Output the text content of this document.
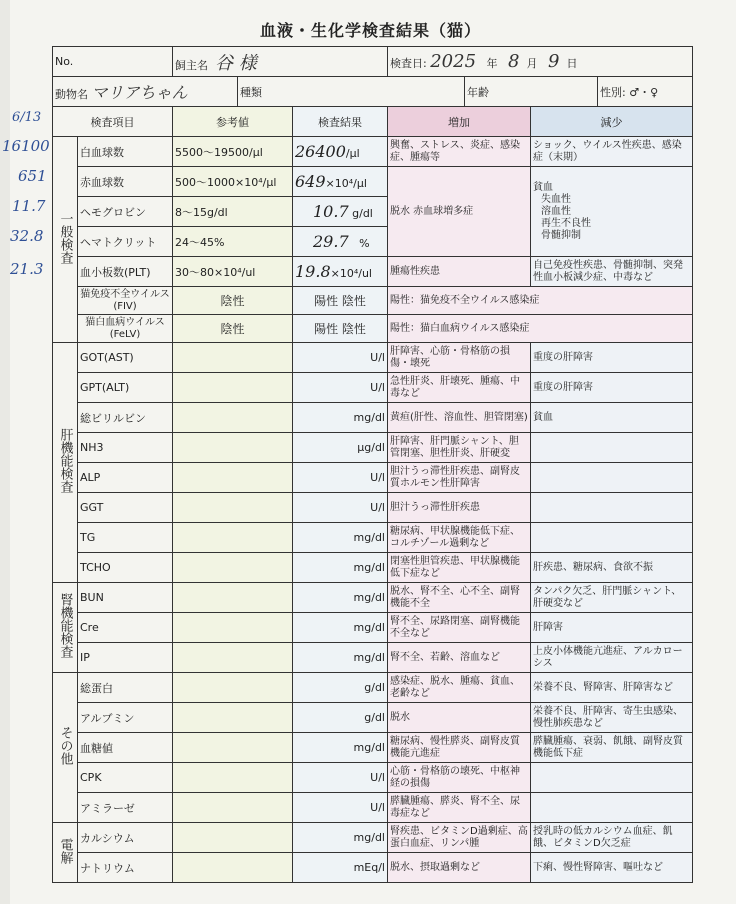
血液・生化学検査結果（猫）
6/13
16100
651
11.7
32.8
21.3
No.	飼主名 谷 様	検査日: 2025 年 8 月 9 日
動物名 マリアちゃん	種類	年齢	性別: ♂・♀
検査項目		参考値	検査結果	増加	減少
一般検査	白血球数	5500〜19500/μl	26400/μl	興奮、ストレス、炎症、感染症、腫瘍等	ショック、ウイルス性疾患、感染症（末期）
	赤血球数	500〜1000×10⁴/μl	649×10⁴/μl	脱水 赤血球増多症	貧血
失血性
溶血性
再生不良性
骨髄抑制

	ヘモグロビン	8〜15g/dl	10.7 g/dl		
	ヘマトクリット	24〜45%	29.7 %		
	血小板数(PLT)	30〜80×10⁴/ul	19.8×10⁴/ul	腫瘍性疾患	自己免疫性疾患、骨髄抑制、突発性血小板減少症、中毒など
	猫免疫不全ウイルス(FIV)	陰性	陽性 陰性	陽性：猫免疫不全ウイルス感染症	
	猫白血病ウイルス(FeLV)	陰性	陽性 陰性	陽性：猫白血病ウイルス感染症	
肝機能検査	GOT(AST)		U/l	肝障害、心筋・骨格筋の損傷・壊死	重度の肝障害
	GPT(ALT)		U/l	急性肝炎、肝壊死、腫瘍、中毒など	重度の肝障害
	総ビリルビン		mg/dl	黄疸(肝性、溶血性、胆管閉塞)	貧血
	NH3		μg/dl	肝障害、肝門脈シャント、胆管閉塞、胆性肝炎、肝硬変	
	ALP		U/l	胆汁うっ滞性肝疾患、副腎皮質ホルモン性肝障害	
	GGT		U/l	胆汁うっ滞性肝疾患	
	TG		mg/dl	糖尿病、甲状腺機能低下症、コルチゾール過剰など	
	TCHO		mg/dl	閉塞性胆管疾患、甲状腺機能低下症など	肝疾患、糖尿病、食欲不振
腎機能検査	BUN		mg/dl	脱水、腎不全、心不全、副腎機能不全	タンパク欠乏、肝門脈シャント、肝硬変など
	Cre		mg/dl	腎不全、尿路閉塞、副腎機能不全など	肝障害
	IP		mg/dl	腎不全、若齢、溶血など	上皮小体機能亢進症、アルカローシス
その他	総蛋白		g/dl	感染症、脱水、腫瘍、貧血、老齢など	栄養不良、腎障害、肝障害など
	アルブミン		g/dl	脱水	栄養不良、肝障害、寄生虫感染、慢性肺疾患など
	血糖値		mg/dl	糖尿病、慢性膵炎、副腎皮質機能亢進症	膵臓腫瘍、衰弱、飢餓、副腎皮質機能低下症
	CPK		U/l	心筋・骨格筋の壊死、中枢神経の損傷	
	アミラーゼ		U/l	膵臓腫瘍、膵炎、腎不全、尿毒症など	
電解	カルシウム		mg/dl	腎疾患、ビタミンD過剰症、高蛋白血症、リンパ腫	授乳時の低カルシウム血症、飢餓、ビタミンD欠乏症
	ナトリウム		mEq/l	脱水、摂取過剰など	下痢、慢性腎障害、嘔吐など
